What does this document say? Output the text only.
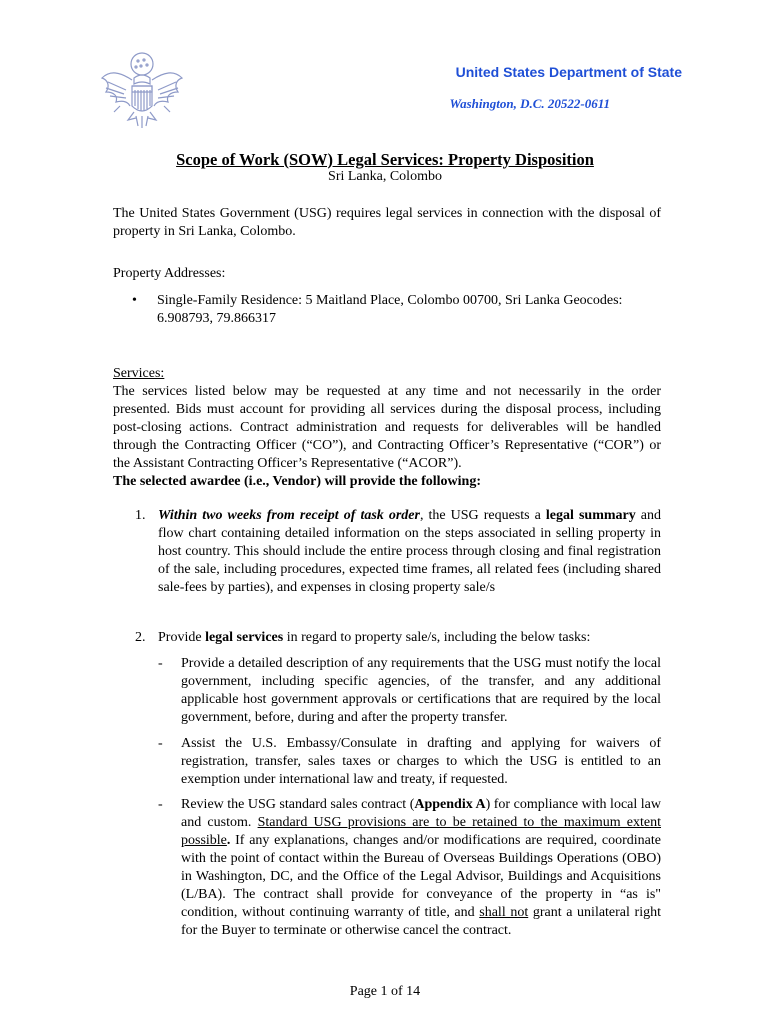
United States Department of State
Washington, D.C. 20522-0611
Scope of Work (SOW) Legal Services: Property Disposition
Sri Lanka, Colombo
The United States Government (USG) requires legal services in connection with the disposal of property in Sri Lanka, Colombo.
Property Addresses:
• Single-Family Residence: 5 Maitland Place, Colombo 00700, Sri Lanka Geocodes: 6.908793, 79.866317
Services:
The services listed below may be requested at any time and not necessarily in the order presented. Bids must account for providing all services during the disposal process, including post-closing actions. Contract administration and requests for deliverables will be handled through the Contracting Officer (“CO”), and Contracting Officer’s Representative (“COR”) or the Assistant Contracting Officer’s Representative (“ACOR”).
The selected awardee (i.e., Vendor) will provide the following:
1. Within two weeks from receipt of task order, the USG requests a legal summary and flow chart containing detailed information on the steps associated in selling property in host country. This should include the entire process through closing and final registration of the sale, including procedures, expected time frames, all related fees (including shared sale-fees by parties), and expenses in closing property sale/s
2. Provide legal services in regard to property sale/s, including the below tasks:
- Provide a detailed description of any requirements that the USG must notify the local government, including specific agencies, of the transfer, and any additional applicable host government approvals or certifications that are required by the local government, before, during and after the property transfer.
- Assist the U.S. Embassy/Consulate in drafting and applying for waivers of registration, transfer, sales taxes or charges to which the USG is entitled to an exemption under international law and treaty, if requested.
- Review the USG standard sales contract (Appendix A) for compliance with local law and custom. Standard USG provisions are to be retained to the maximum extent possible. If any explanations, changes and/or modifications are required, coordinate with the point of contact within the Bureau of Overseas Buildings Operations (OBO) in Washington, DC, and the Office of the Legal Advisor, Buildings and Acquisitions (L/BA). The contract shall provide for conveyance of the property in “as is" condition, without continuing warranty of title, and shall not grant a unilateral right for the Buyer to terminate or otherwise cancel the contract.
Page 1 of 14
